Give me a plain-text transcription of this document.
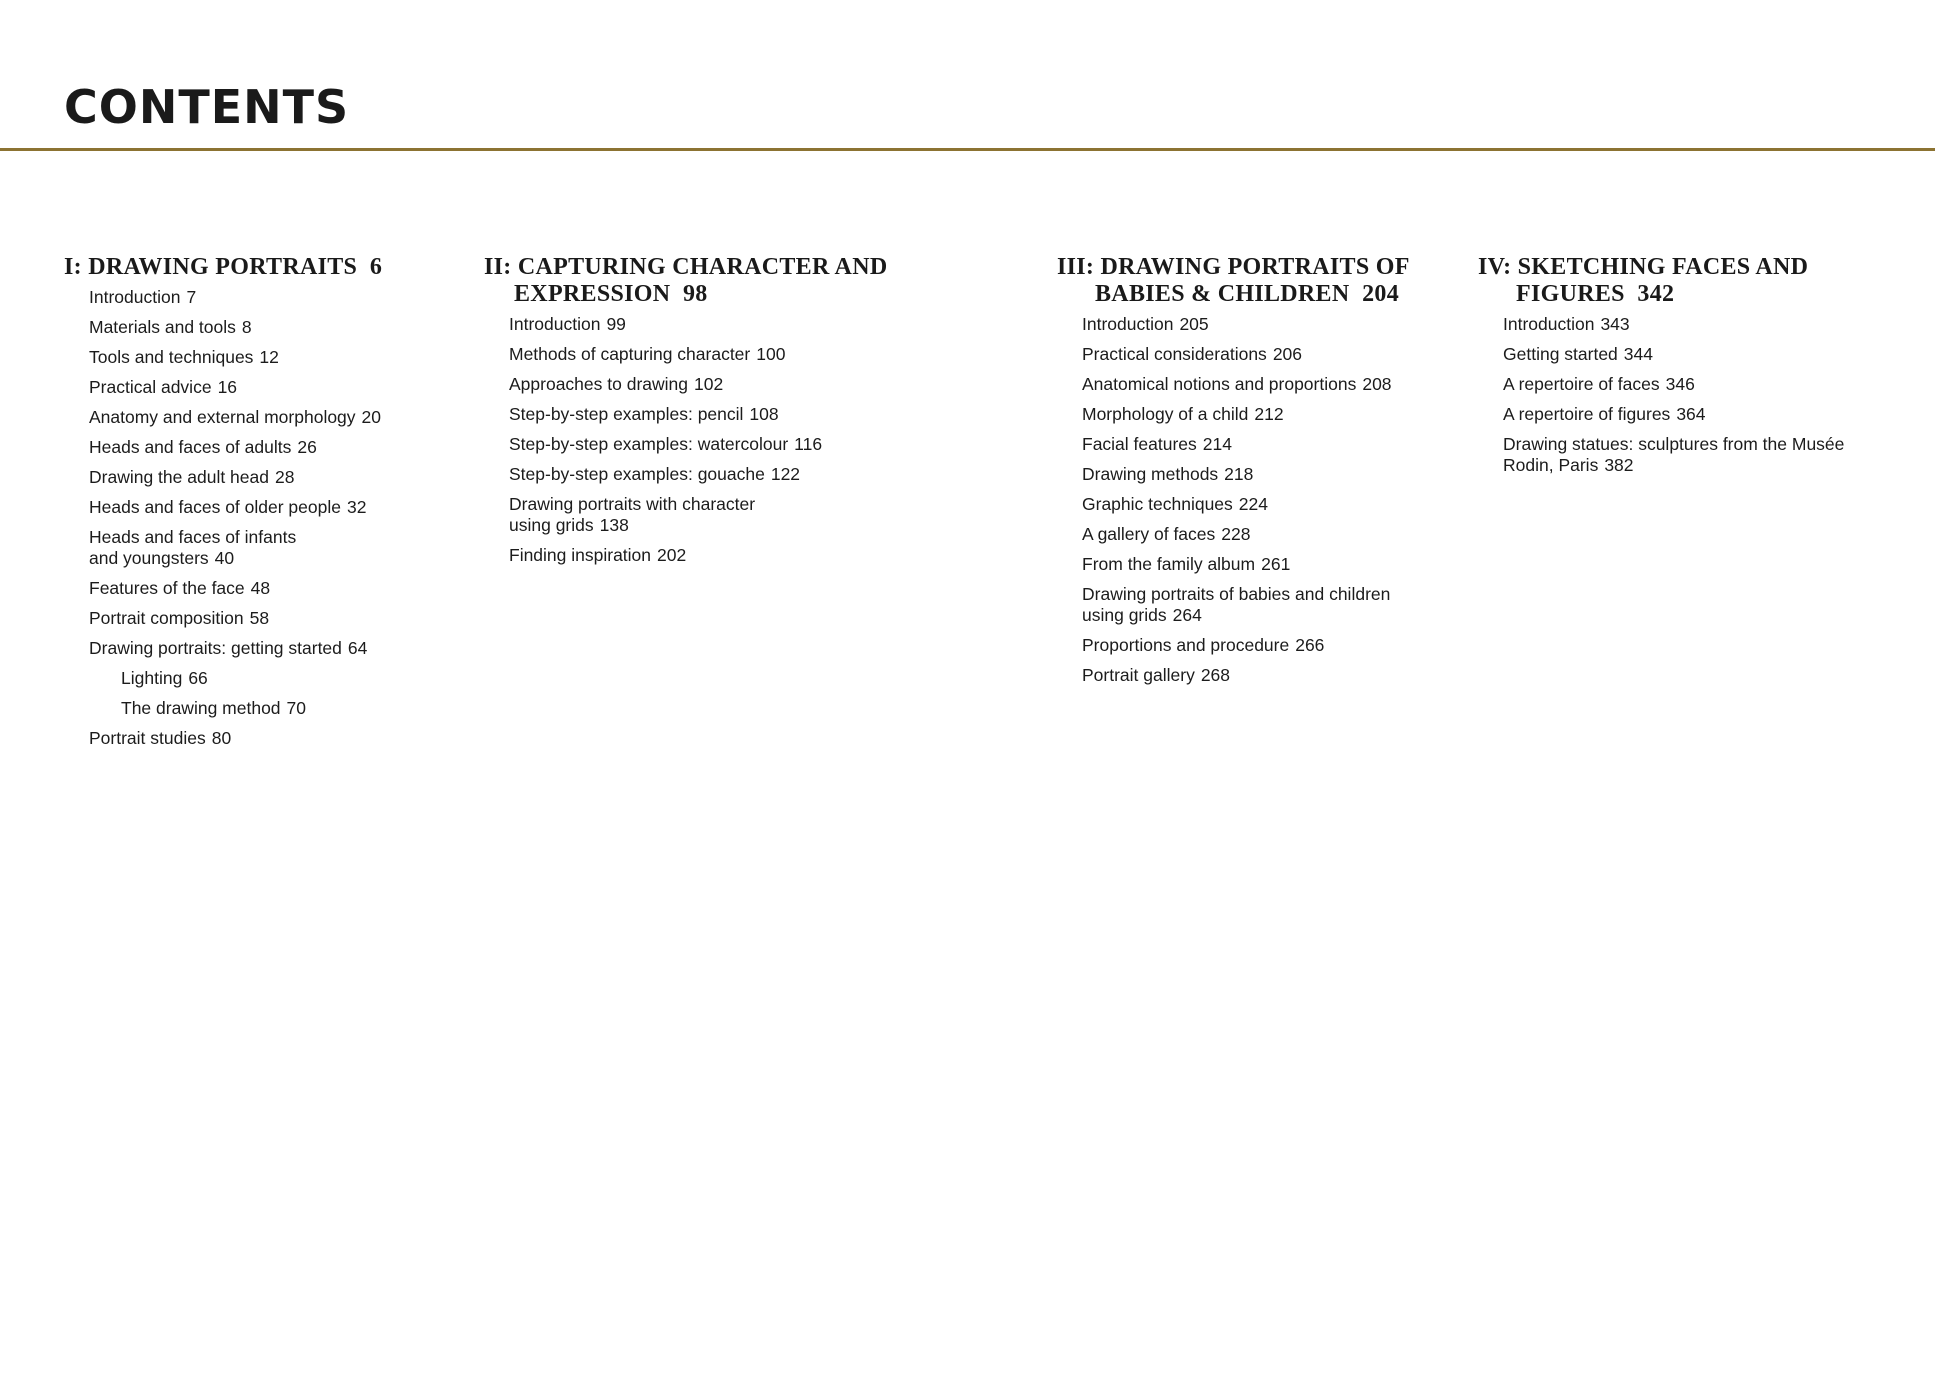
CONTENTS
I: DRAWING PORTRAITS 6
Introduction 7
Materials and tools 8
Tools and techniques 12
Practical advice 16
Anatomy and external morphology 20
Heads and faces of adults 26
Drawing the adult head 28
Heads and faces of older people 32
Heads and faces of infants
and youngsters 40
Features of the face 48
Portrait composition 58
Drawing portraits: getting started 64
Lighting 66
The drawing method 70
Portrait studies 80
II: CAPTURING CHARACTER AND
EXPRESSION 98
Introduction 99
Methods of capturing character 100
Approaches to drawing 102
Step-by-step examples: pencil 108
Step-by-step examples: watercolour 116
Step-by-step examples: gouache 122
Drawing portraits with character
using grids 138
Finding inspiration 202
III: DRAWING PORTRAITS OF
BABIES & CHILDREN 204
Introduction 205
Practical considerations 206
Anatomical notions and proportions 208
Morphology of a child 212
Facial features 214
Drawing methods 218
Graphic techniques 224
A gallery of faces 228
From the family album 261
Drawing portraits of babies and children
using grids 264
Proportions and procedure 266
Portrait gallery 268
IV: SKETCHING FACES AND
FIGURES 342
Introduction 343
Getting started 344
A repertoire of faces 346
A repertoire of figures 364
Drawing statues: sculptures from the Musée
Rodin, Paris 382
